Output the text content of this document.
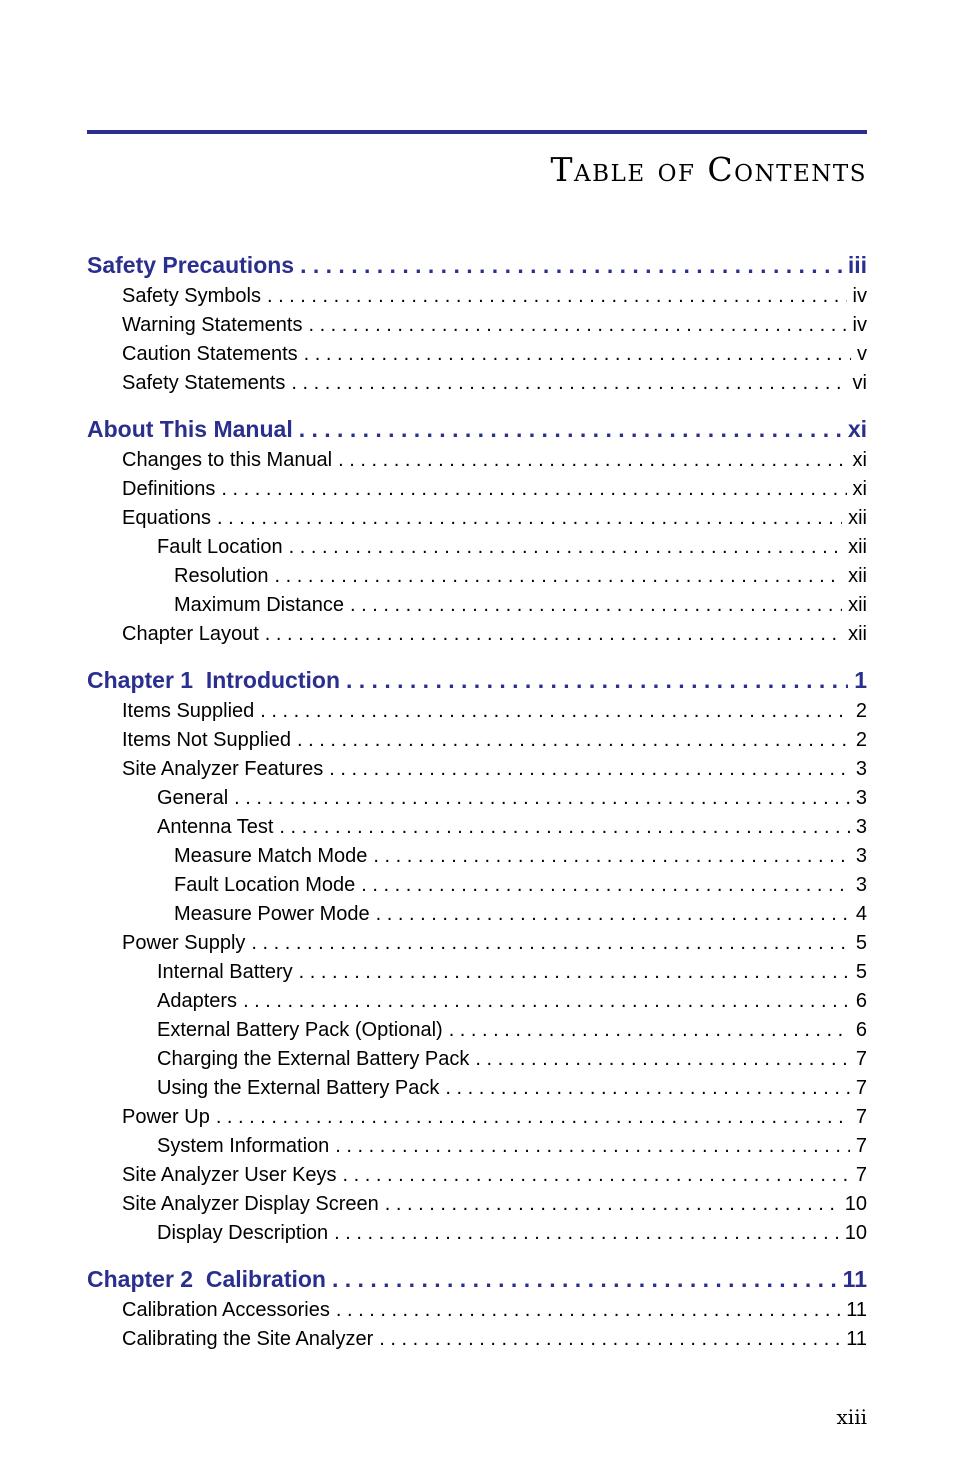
Table of Contents
Safety Precautions . . .	iii
Safety Symbols . . .	iv
Warning Statements . . .	iv
Caution Statements . . .	v
Safety Statements . . .	vi
About This Manual . . .	xi
Changes to this Manual . . .	xi
Definitions . . .	xi
Equations . . .	xii
Fault Location . . .	xii
Resolution . . .	xii
Maximum Distance . . .	xii
Chapter Layout . . .	xii
Chapter 1  Introduction . . .	1
Items Supplied . . .	2
Items Not Supplied . . .	2
Site Analyzer Features . . .	3
General . . .	3
Antenna Test . . .	3
Measure Match Mode . . .	3
Fault Location Mode . . .	3
Measure Power Mode . . .	4
Power Supply . . .	5
Internal Battery . . .	5
Adapters . . .	6
External Battery Pack (Optional) . . .	6
Charging the External Battery Pack . . .	7
Using the External Battery Pack . . .	7
Power Up . . .	7
System Information . . .	7
Site Analyzer User Keys . . .	7
Site Analyzer Display Screen . . .	10
Display Description . . .	10
Chapter 2  Calibration . . .	11
Calibration Accessories . . .	11
Calibrating the Site Analyzer . . .	11
xiii
